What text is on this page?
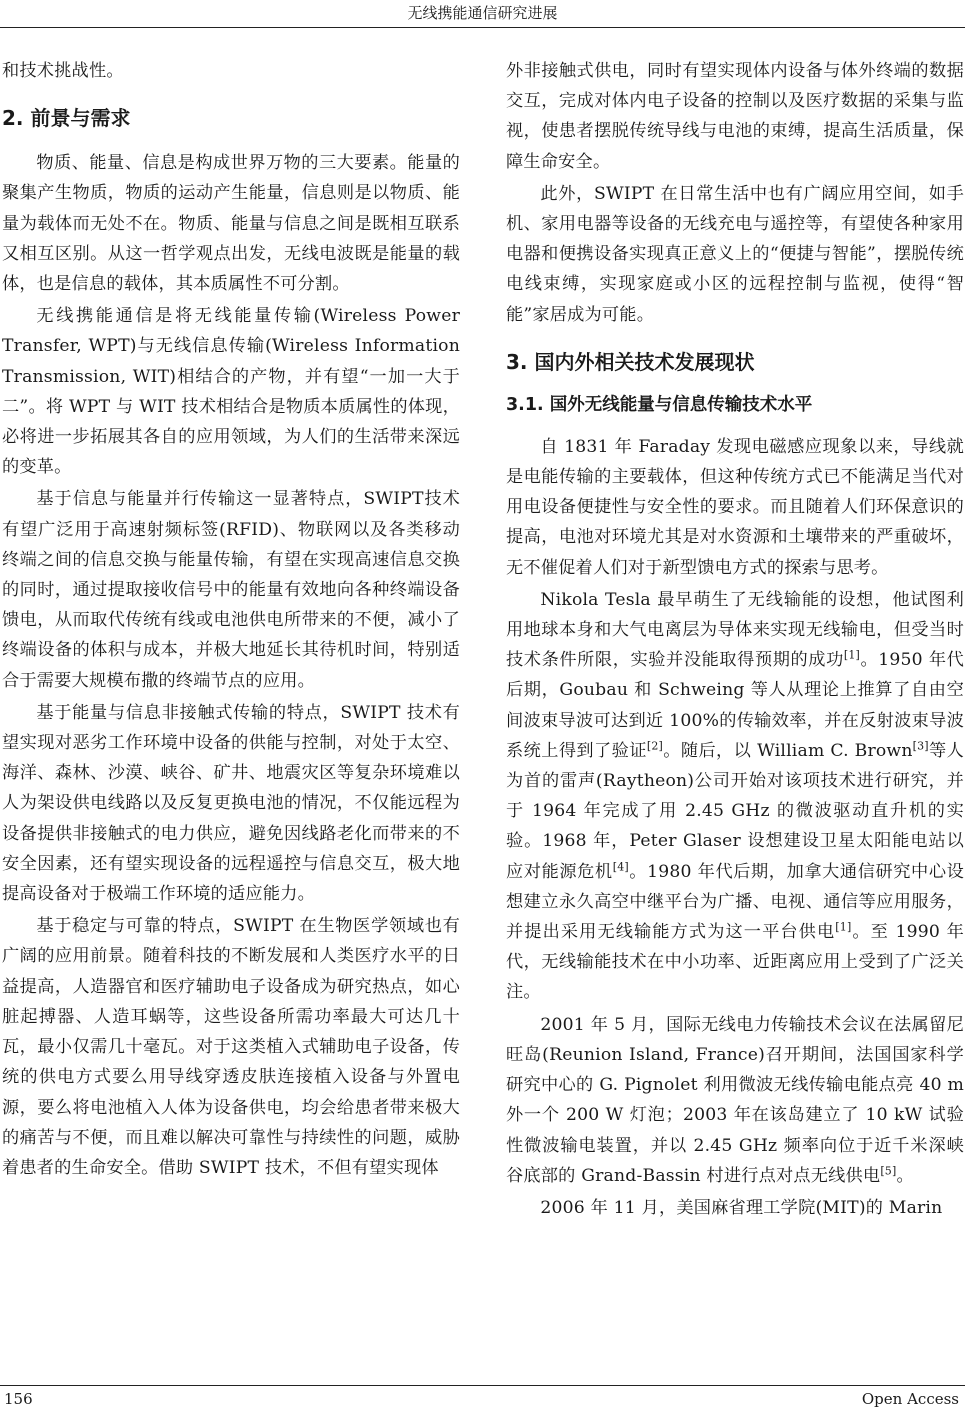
无线携能通信研究进展

和技术挑战性。

2. 前景与需求

物质、能量、信息是构成世界万物的三大要素。能量的聚集产生物质，物质的运动产生能量，信息则是以物质、能量为载体而无处不在。物质、能量与信息之间是既相互联系又相互区别。从这一哲学观点出发，无线电波既是能量的载体，也是信息的载体，其本质属性不可分割。

无线携能通信是将无线能量传输(Wireless Power Transfer, WPT)与无线信息传输(Wireless Information Transmission, WIT)相结合的产物，并有望“一加一大于二”。将 WPT 与 WIT 技术相结合是物质本质属性的体现，必将进一步拓展其各自的应用领域，为人们的生活带来深远的变革。

基于信息与能量并行传输这一显著特点，SWIPT技术有望广泛用于高速射频标签(RFID)、物联网以及各类移动终端之间的信息交换与能量传输，有望在实现高速信息交换的同时，通过提取接收信号中的能量有效地向各种终端设备馈电，从而取代传统有线或电池供电所带来的不便，减小了终端设备的体积与成本，并极大地延长其待机时间，特别适合于需要大规模布撒的终端节点的应用。

基于能量与信息非接触式传输的特点，SWIPT 技术有望实现对恶劣工作环境中设备的供能与控制，对处于太空、海洋、森林、沙漠、峡谷、矿井、地震灾区等复杂环境难以人为架设供电线路以及反复更换电池的情况，不仅能远程为设备提供非接触式的电力供应，避免因线路老化而带来的不安全因素，还有望实现设备的远程遥控与信息交互，极大地提高设备对于极端工作环境的适应能力。

基于稳定与可靠的特点，SWIPT 在生物医学领域也有广阔的应用前景。随着科技的不断发展和人类医疗水平的日益提高，人造器官和医疗辅助电子设备成为研究热点，如心脏起搏器、人造耳蜗等，这些设备所需功率最大可达几十瓦，最小仅需几十毫瓦。对于这类植入式辅助电子设备，传统的供电方式要么用导线穿透皮肤连接植入设备与外置电源，要么将电池植入人体为设备供电，均会给患者带来极大的痛苦与不便，而且难以解决可靠性与持续性的问题，威胁着患者的生命安全。借助 SWIPT 技术，不但有望实现体

外非接触式供电，同时有望实现体内设备与体外终端的数据交互，完成对体内电子设备的控制以及医疗数据的采集与监视，使患者摆脱传统导线与电池的束缚，提高生活质量，保障生命安全。

此外，SWIPT 在日常生活中也有广阔应用空间，如手机、家用电器等设备的无线充电与遥控等，有望使各种家用电器和便携设备实现真正意义上的“便捷与智能”，摆脱传统电线束缚，实现家庭或小区的远程控制与监视，使得“智能”家居成为可能。

3. 国内外相关技术发展现状
3.1. 国外无线能量与信息传输技术水平

自 1831 年 Faraday 发现电磁感应现象以来，导线就是电能传输的主要载体，但这种传统方式已不能满足当代对用电设备便捷性与安全性的要求。而且随着人们环保意识的提高，电池对环境尤其是对水资源和土壤带来的严重破坏，无不催促着人们对于新型馈电方式的探索与思考。

Nikola Tesla 最早萌生了无线输能的设想，他试图利用地球本身和大气电离层为导体来实现无线输电，但受当时技术条件所限，实验并没能取得预期的成功[1]。1950 年代后期，Goubau 和 Schweing 等人从理论上推算了自由空间波束导波可达到近 100%的传输效率，并在反射波束导波系统上得到了验证[2]。随后，以 William C. Brown[3]等人为首的雷声(Raytheon)公司开始对该项技术进行研究，并于 1964 年完成了用 2.45 GHz 的微波驱动直升机的实验。1968 年，Peter Glaser 设想建设卫星太阳能电站以应对能源危机[4]。1980 年代后期，加拿大通信研究中心设想建立永久高空中继平台为广播、电视、通信等应用服务，并提出采用无线输能方式为这一平台供电[1]。至 1990 年代，无线输能技术在中小功率、近距离应用上受到了广泛关注。

2001 年 5 月，国际无线电力传输技术会议在法属留尼旺岛(Reunion Island, France)召开期间，法国国家科学研究中心的 G. Pignolet 利用微波无线传输电能点亮 40 m 外一个 200 W 灯泡；2003 年在该岛建立了 10 kW 试验性微波输电装置，并以 2.45 GHz 频率向位于近千米深峡谷底部的 Grand-Bassin 村进行点对点无线供电[5]。

2006 年 11 月，美国麻省理工学院(MIT)的 Marin

156	Open Access
